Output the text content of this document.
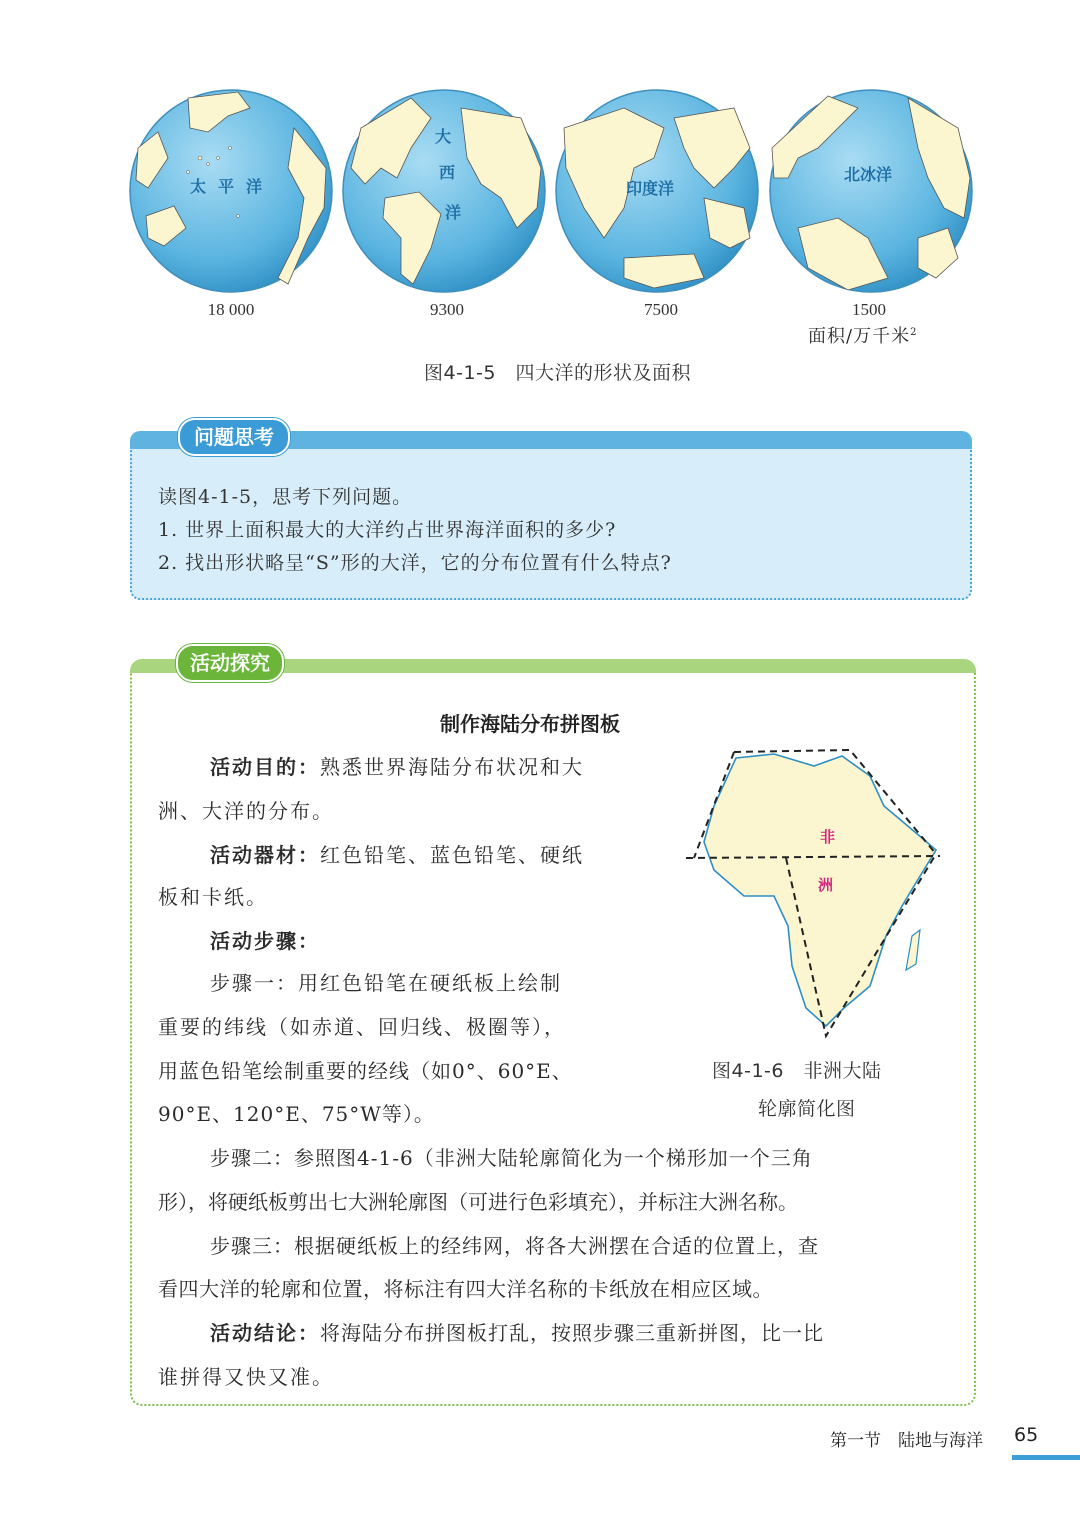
太 平 洋
18 000
大
西
洋
9300
印度洋
7500
北冰洋
1500
面积/万千米$^2$
图4-1-5　四大洋的形状及面积
问题思考
读图4-1-5，思考下列问题。
1. 世界上面积最大的大洋约占世界海洋面积的多少?
2. 找出形状略呈“S”形的大洋，它的分布位置有什么特点?
活动探究
制作海陆分布拼图板
活动目的：熟悉世界海陆分布状况和大
洲、大洋的分布。
活动器材：红色铅笔、蓝色铅笔、硬纸
板和卡纸。
活动步骤：
步骤一：用红色铅笔在硬纸板上绘制
重要的纬线（如赤道、回归线、极圈等），
用蓝色铅笔绘制重要的经线（如0°、60°E、
90°E、120°E、75°W等）。
步骤二：参照图4-1-6（非洲大陆轮廓简化为一个梯形加一个三角
形），将硬纸板剪出七大洲轮廓图（可进行色彩填充），并标注大洲名称。
步骤三：根据硬纸板上的经纬网，将各大洲摆在合适的位置上，查
看四大洋的轮廓和位置，将标注有四大洋名称的卡纸放在相应区域。
活动结论：将海陆分布拼图板打乱，按照步骤三重新拼图，比一比
谁拼得又快又准。
非
洲
图4-1-6　非洲大陆
轮廓简化图
第一节　陆地与海洋 65
